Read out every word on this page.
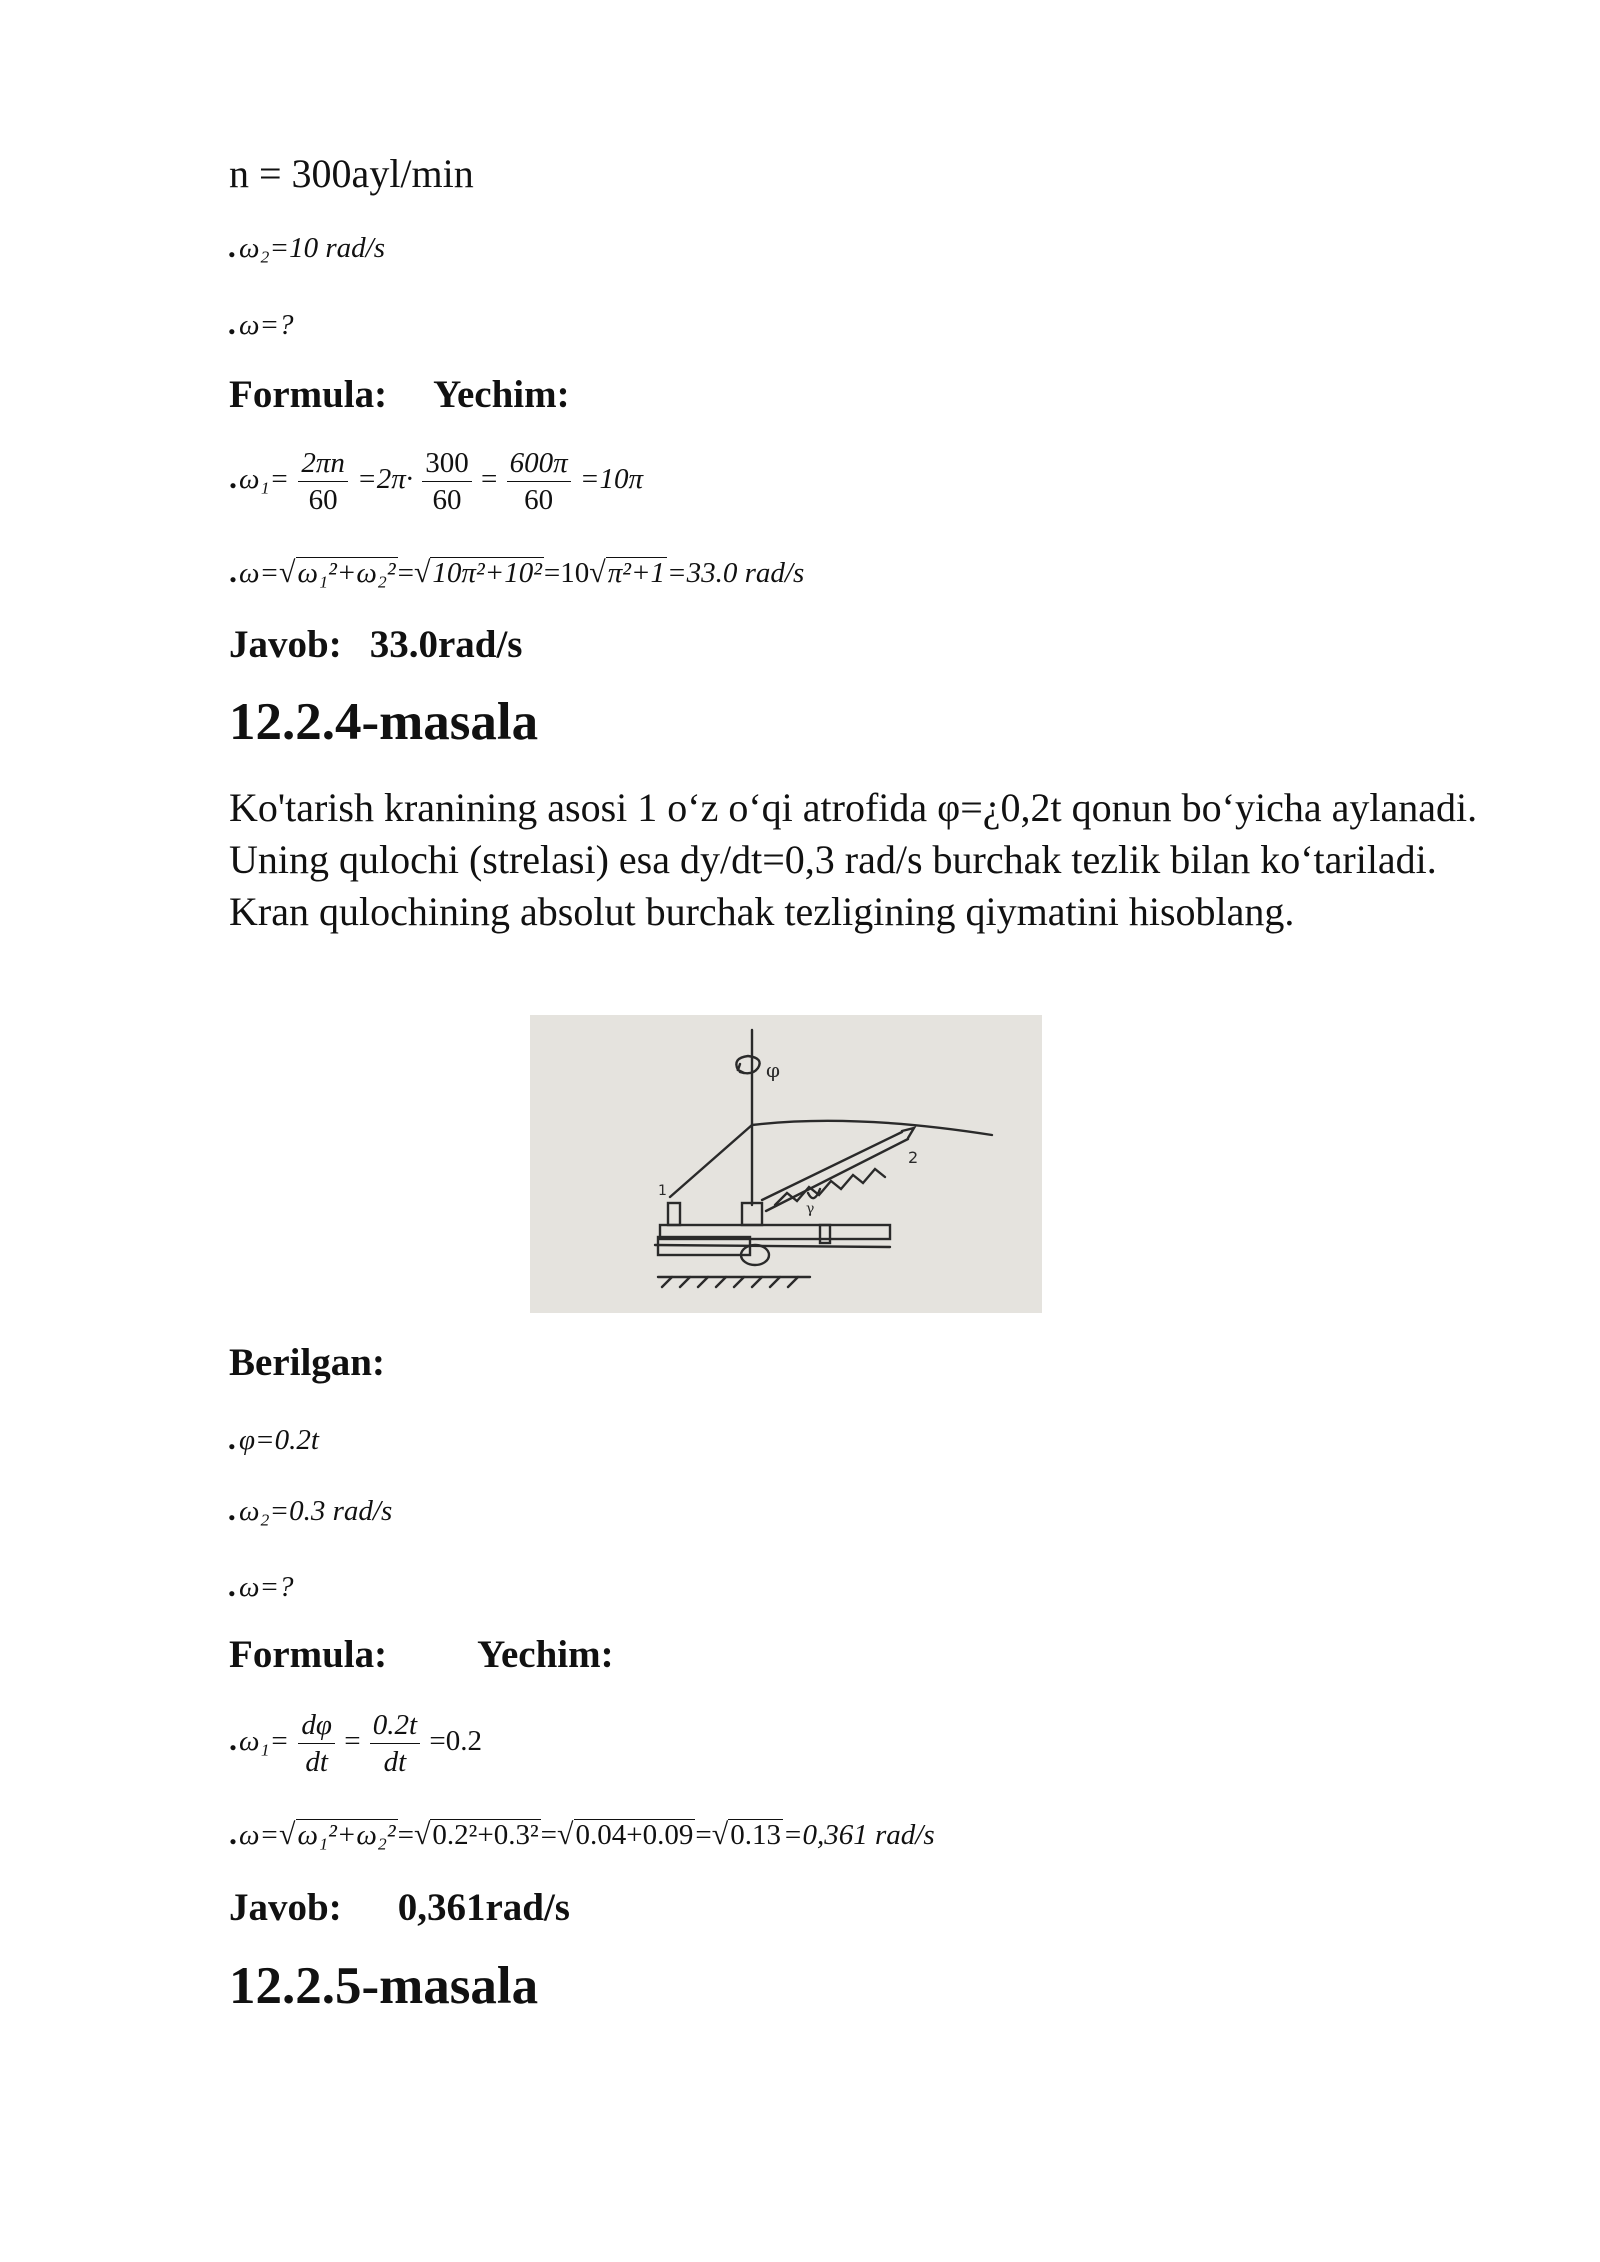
n = 300ayl/min
.ω₂=10 rad/s
.ω=?
Formula: Yechim:
$.\omega_1= \frac{2\pi n}{60} =2\pi\cdot \frac{300}{60} = \frac{600\pi}{60} =10\pi$
.ω=√ω₁²+ω₂²=√10π²+10²=10√π²+1=33.0 rad/s
Javob: 33.0rad/s
12.2.4-masala
Ko'tarish kranining asosi 1 o‘z o‘qi atrofida φ=¿0,2t qonun bo‘yicha aylanadi. Uning qulochi (strelasi) esa dy/dt=0,3 rad/s burchak tezlik bilan ko‘tariladi. Kran qulochining absolut burchak tezligining qiymatini hisoblang.
Berilgan:
.φ=0.2t
.ω₂=0.3 rad/s
.ω=?
Formula: Yechim:
$.\omega_1= \frac{d\varphi}{dt} = \frac{0.2t}{dt} =0.2$
.ω=√ω₁²+ω₂²=√0.2²+0.3²=√0.04+0.09=√0.13=0,361 rad/s
Javob: 0,361rad/s
12.2.5-masala
φ
1
2
γ
